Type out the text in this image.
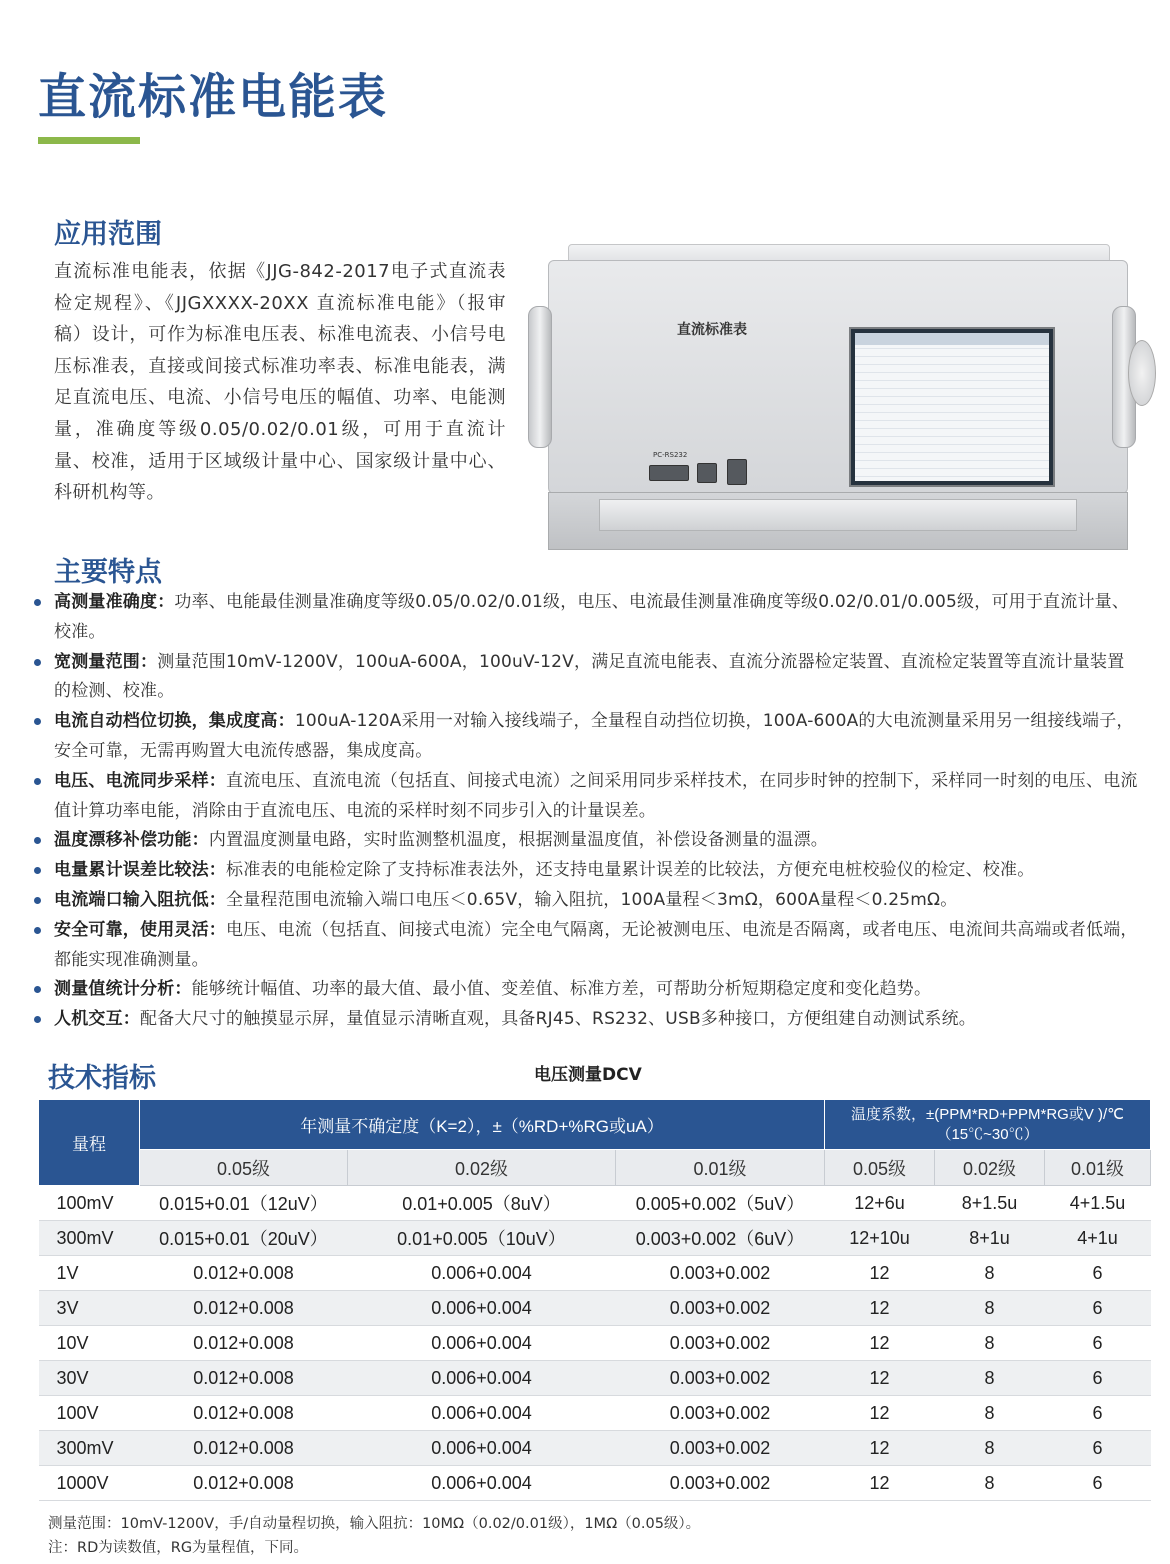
直流标准电能表
应用范围

直流标准电能表，依据《JJG-842-2017电子式直流表检定规程》、《JJGXXXX-20XX 直流标准电能》（报审稿）设计，可作为标准电压表、标准电流表、小信号电压标准表，直接或间接式标准功率表、标准电能表，满足直流电压、电流、小信号电压的幅值、功率、电能测量，准确度等级0.05/0.02/0.01级，可用于直流计量、校准，适用于区域级计量中心、国家级计量中心、科研机构等。

直流标准表
PC-RS232
主要特点
高测量准确度：功率、电能最佳测量准确度等级0.05/0.02/0.01级，电压、电流最佳测量准确度等级0.02/0.01/0.005级，可用于直流计量、校准。
宽测量范围：测量范围10mV-1200V，100uA-600A，100uV-12V，满足直流电能表、直流分流器检定装置、直流检定装置等直流计量装置的检测、校准。
电流自动档位切换，集成度高：100uA-120A采用一对输入接线端子，全量程自动挡位切换，100A-600A的大电流测量采用另一组接线端子，安全可靠，无需再购置大电流传感器，集成度高。
电压、电流同步采样：直流电压、直流电流（包括直、间接式电流）之间采用同步采样技术，在同步时钟的控制下，采样同一时刻的电压、电流值计算功率电能，消除由于直流电压、电流的采样时刻不同步引入的计量误差。
温度漂移补偿功能：内置温度测量电路，实时监测整机温度，根据测量温度值，补偿设备测量的温漂。
电量累计误差比较法：标准表的电能检定除了支持标准表法外，还支持电量累计误差的比较法，方便充电桩校验仪的检定、校准。
电流端口输入阻抗低：全量程范围电流输入端口电压＜0.65V，输入阻抗，100A量程＜3mΩ，600A量程＜0.25mΩ。
安全可靠，使用灵活：电压、电流（包括直、间接式电流）完全电气隔离，无论被测电压、电流是否隔离，或者电压、电流间共高端或者低端，都能实现准确测量。
测量值统计分析：能够统计幅值、功率的最大值、最小值、变差值、标准方差，可帮助分析短期稳定度和变化趋势。
人机交互：配备大尺寸的触摸显示屏，量值显示清晰直观，具备RJ45、RS232、USB多种接口，方便组建自动测试系统。
技术指标	电压测量DCV
量程	年测量不确定度（K=2），±（%RD+%RG或uA）			温度系数，±(PPM*RD+PPM*RG或V )/℃
（15℃~30℃）		
	0.05级	0.02级	0.01级	0.05级	0.02级	0.01级
100mV	0.015+0.01（12uV）	0.01+0.005（8uV）	0.005+0.002（5uV）	12+6u	8+1.5u	4+1.5u
300mV	0.015+0.01（20uV）	0.01+0.005（10uV）	0.003+0.002（6uV）	12+10u	8+1u	4+1u
1V	0.012+0.008	0.006+0.004	0.003+0.002	12	8	6
3V	0.012+0.008	0.006+0.004	0.003+0.002	12	8	6
10V	0.012+0.008	0.006+0.004	0.003+0.002	12	8	6
30V	0.012+0.008	0.006+0.004	0.003+0.002	12	8	6
100V	0.012+0.008	0.006+0.004	0.003+0.002	12	8	6
300mV	0.012+0.008	0.006+0.004	0.003+0.002	12	8	6
1000V	0.012+0.008	0.006+0.004	0.003+0.002	12	8	6

测量范围：10mV-1200V，手/自动量程切换，输入阻抗：10MΩ（0.02/0.01级），1MΩ（0.05级）。
注：RD为读数值，RG为量程值，下同。
